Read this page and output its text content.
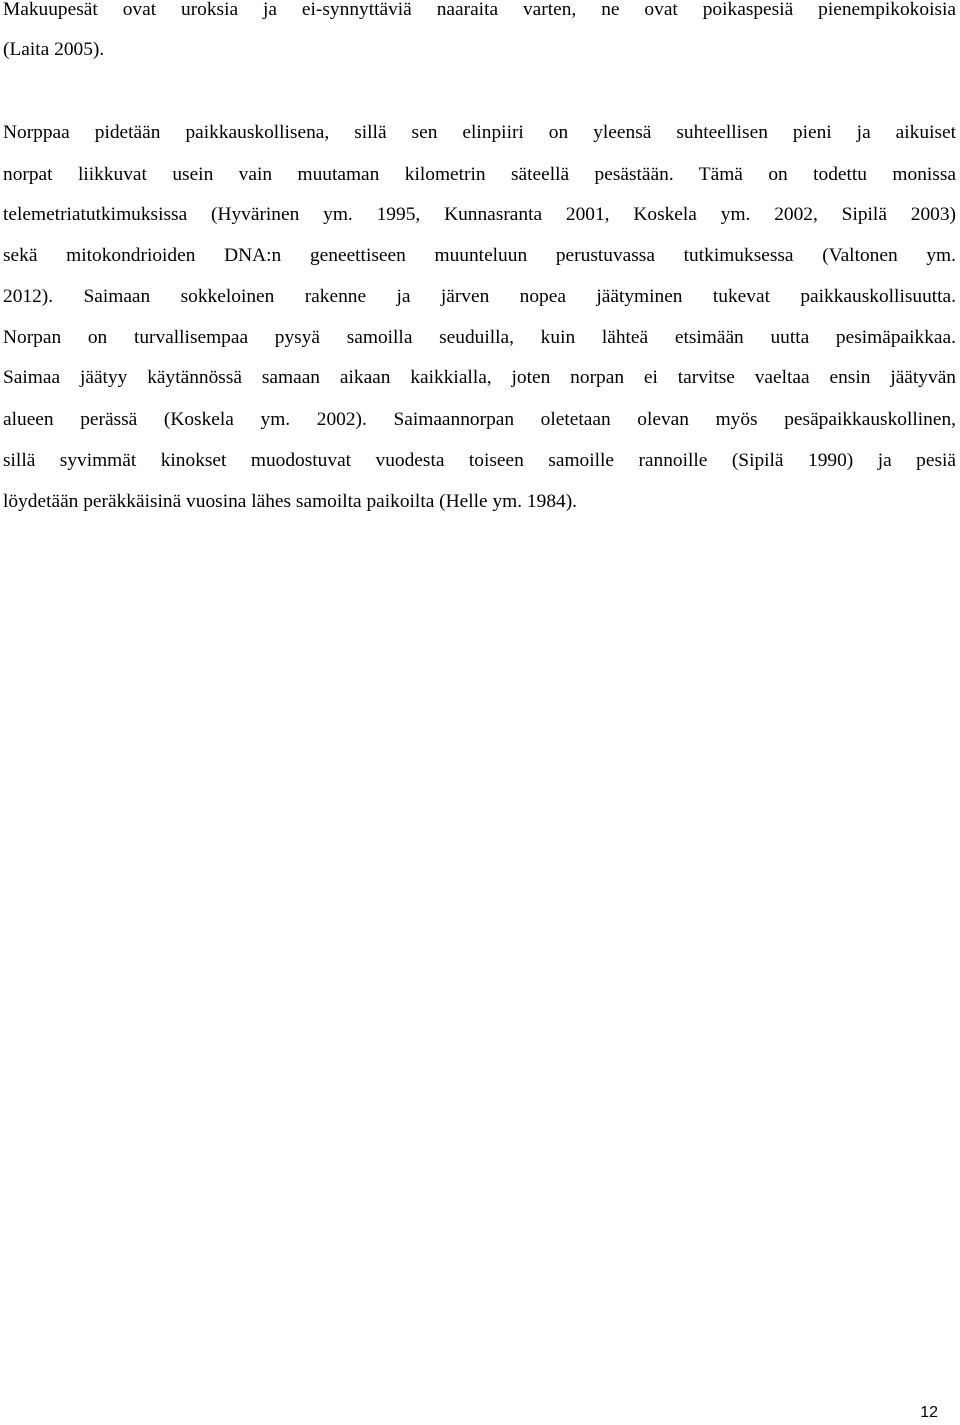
Makuupesät ovat uroksia ja ei-synnyttäviä naaraita varten, ne ovat poikaspesiä pienempikokoisia
(Laita 2005).
Norppaa pidetään paikkauskollisena, sillä sen elinpiiri on yleensä suhteellisen pieni ja aikuiset
norpat liikkuvat usein vain muutaman kilometrin säteellä pesästään. Tämä on todettu monissa
telemetriatutkimuksissa (Hyvärinen ym. 1995, Kunnasranta 2001, Koskela ym. 2002, Sipilä 2003)
sekä mitokondrioiden DNA:n geneettiseen muunteluun perustuvassa tutkimuksessa (Valtonen ym.
2012). Saimaan sokkeloinen rakenne ja järven nopea jäätyminen tukevat paikkauskollisuutta.
Norpan on turvallisempaa pysyä samoilla seuduilla, kuin lähteä etsimään uutta pesimäpaikkaa.
Saimaa jäätyy käytännössä samaan aikaan kaikkialla, joten norpan ei tarvitse vaeltaa ensin jäätyvän
alueen perässä (Koskela ym. 2002). Saimaannorpan oletetaan olevan myös pesäpaikkauskollinen,
sillä syvimmät kinokset muodostuvat vuodesta toiseen samoille rannoille (Sipilä 1990) ja pesiä
löydetään peräkkäisinä vuosina lähes samoilta paikoilta (Helle ym. 1984).
12
